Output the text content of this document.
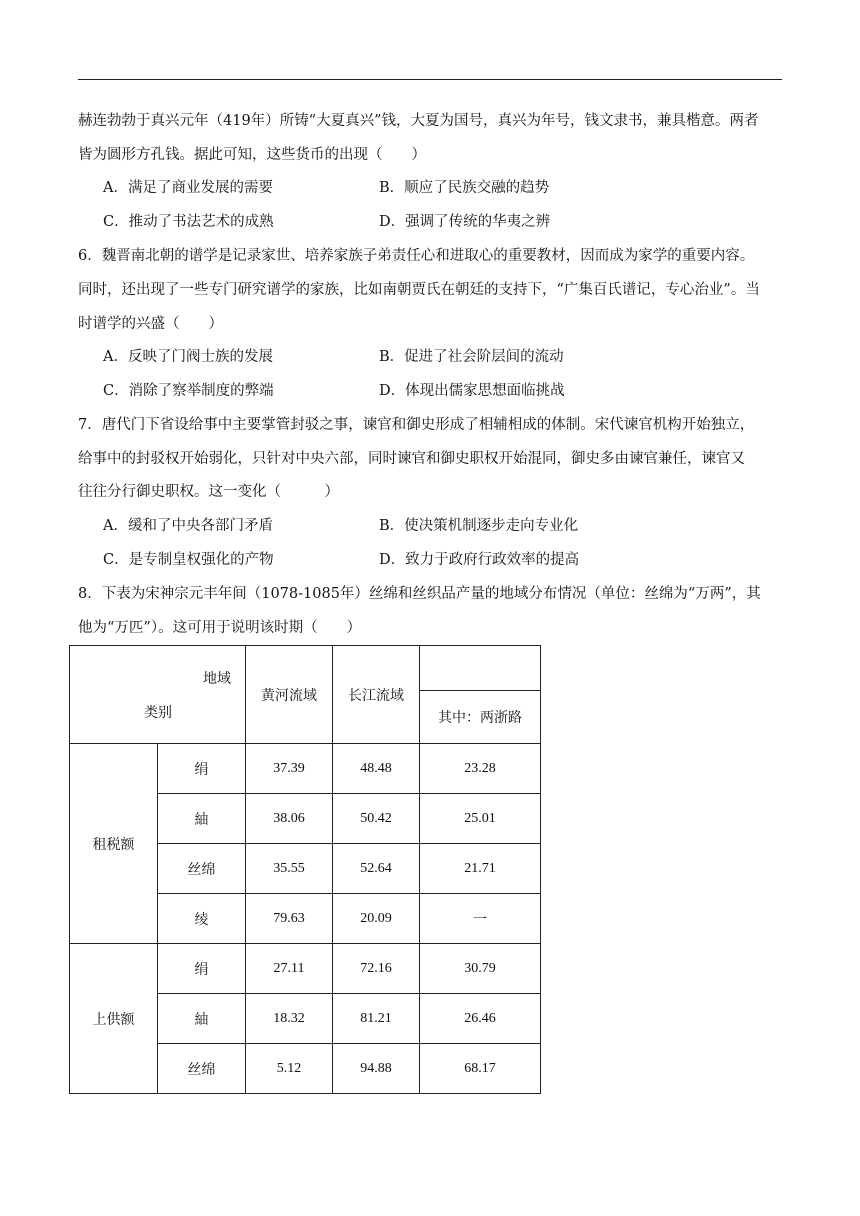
赫连勃勃于真兴元年（419年）所铸“大夏真兴”钱，大夏为国号，真兴为年号，钱文隶书，兼具楷意。两者
皆为圆形方孔钱。据此可知，这些货币的出现（　　）
A．满足了商业发展的需要	B．顺应了民族交融的趋势
C．推动了书法艺术的成熟	D．强调了传统的华夷之辨
6．魏晋南北朝的谱学是记录家世、培养家族子弟责任心和进取心的重要教材，因而成为家学的重要内容。
同时，还出现了一些专门研究谱学的家族，比如南朝贾氏在朝廷的支持下，“广集百氏谱记，专心治业”。当
时谱学的兴盛（　　）
A．反映了门阀士族的发展	B．促进了社会阶层间的流动
C．消除了察举制度的弊端	D．体现出儒家思想面临挑战
7．唐代门下省设给事中主要掌管封驳之事，谏官和御史形成了相辅相成的体制。宋代谏官机构开始独立，
给事中的封驳权开始弱化，只针对中央六部，同时谏官和御史职权开始混同，御史多由谏官兼任，谏官又
往往分行御史职权。这一变化（　　　）
A．缓和了中央各部门矛盾	B．使决策机制逐步走向专业化
C．是专制皇权强化的产物	D．致力于政府行政效率的提高
8．下表为宋神宗元丰年间（1078-1085年）丝绵和丝织品产量的地域分布情况（单位：丝绵为“万两”，其
他为“万匹”）。这可用于说明该时期（　　）
地域
类别		黄河流域	长江流域	
				其中：两浙路
租税额	绢	37.39	48.48	23.28
	紬	38.06	50.42	25.01
	丝绵	35.55	52.64	21.71
	绫	79.63	20.09	一
上供额	绢	27.11	72.16	30.79
	紬	18.32	81.21	26.46
	丝绵	5.12	94.88	68.17
